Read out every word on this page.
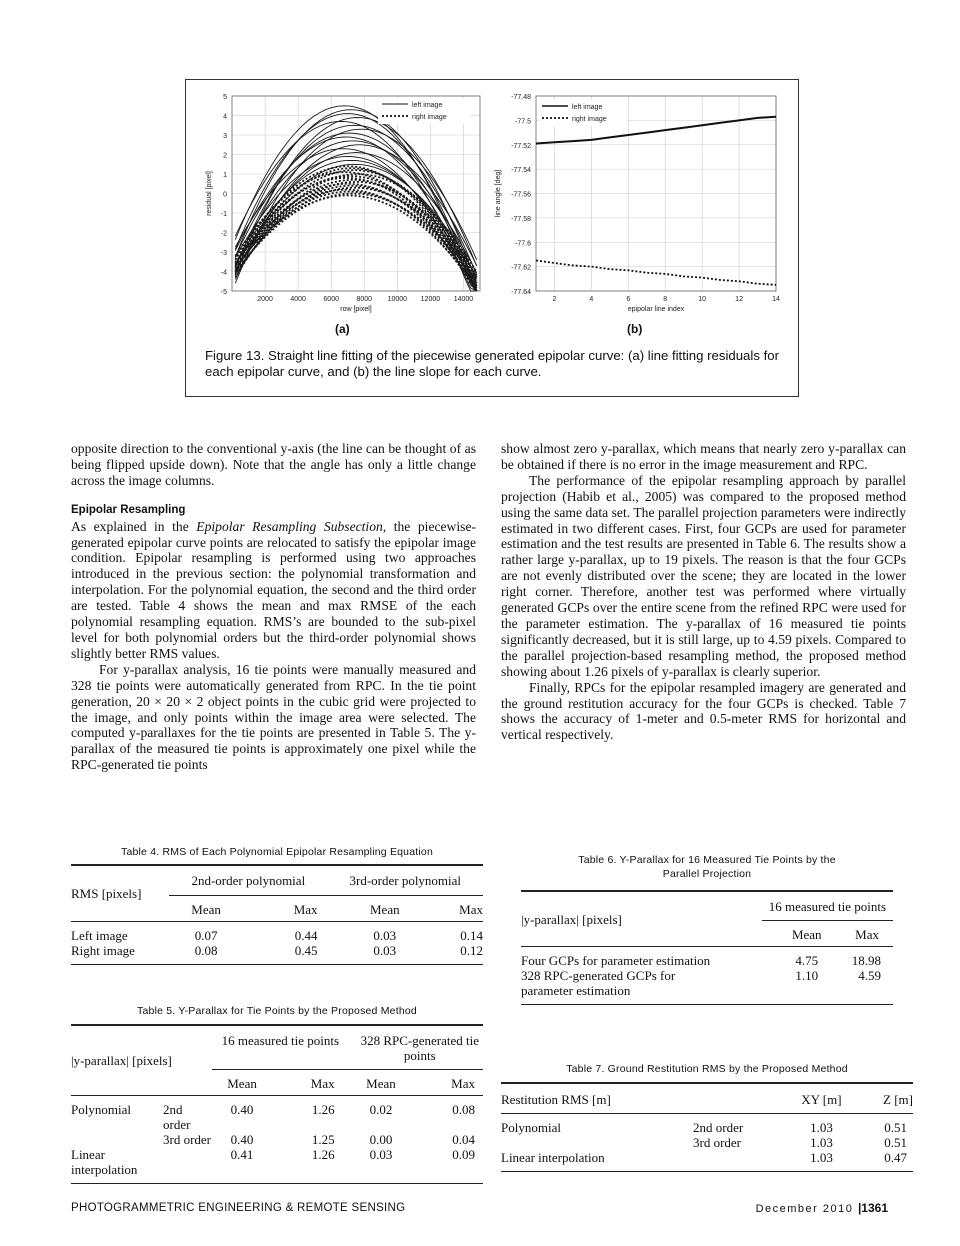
5
4
3
2
1
0
-1
-2
-3
-4
-5
2000 4000 6000 8000 10000 12000 14000
row [pixel]
residual [pixel]
left image
right image
-77.48
-77.5
-77.52
-77.54
-77.56
-77.58
-77.6
-77.62
-77.64
2	4	6	8	10	12	14
epipolar line index
line angle [deg]
left image
right image
(a)	(b)
Figure 13. Straight line fitting of the piecewise generated epipolar curve: (a) line fitting residuals for each epipolar curve, and (b) the line slope for each curve.

opposite direction to the conventional y-axis (the line can be thought of as being flipped upside down). Note that the angle has only a little change across the image columns.

Epipolar Resampling

As explained in the Epipolar Resampling Subsection, the piecewise-generated epipolar curve points are relocated to satisfy the epipolar image condition. Epipolar resampling is performed using two approaches introduced in the previous section: the polynomial transformation and interpolation. For the polynomial equation, the second and the third order are tested. Table 4 shows the mean and max RMSE of the each polynomial resampling equation. RMS’s are bounded to the sub-pixel level for both polynomial orders but the third-order polynomial shows slightly better RMS values.

For y-parallax analysis, 16 tie points were manually measured and 328 tie points were automatically generated from RPC. In the tie point generation, 20 × 20 × 2 object points in the cubic grid were projected to the image, and only points within the image area were selected. The computed y-parallaxes for the tie points are presented in Table 5. The y-parallax of the measured tie points is approximately one pixel while the RPC-generated tie points

show almost zero y-parallax, which means that nearly zero y-parallax can be obtained if there is no error in the image measurement and RPC.

The performance of the epipolar resampling approach by parallel projection (Habib et al., 2005) was compared to the proposed method using the same data set. The parallel projection parameters were indirectly estimated in two different cases. First, four GCPs are used for parameter estimation and the test results are presented in Table 6. The results show a rather large y-parallax, up to 19 pixels. The reason is that the four GCPs are not evenly distributed over the scene; they are located in the lower right corner. Therefore, another test was performed where virtually generated GCPs over the entire scene from the refined RPC were used for the parameter estimation. The y-parallax of 16 measured tie points significantly decreased, but it is still large, up to 4.59 pixels. Compared to the parallel projection-based resampling method, the proposed method showing about 1.26 pixels of y-parallax is clearly superior.

Finally, RPCs for the epipolar resampled imagery are generated and the ground restitution accuracy for the four GCPs is checked. Table 7 shows the accuracy of 1-meter and 0.5-meter RMS for horizontal and vertical respectively.

Table 4. RMS of Each Polynomial Epipolar Resampling Equation
RMS [pixels]	2nd-order polynomial		3rd-order polynomial	
	Mean	Max	Mean	Max
Left image	0.07	0.44	0.03	0.14
Right image	0.08	0.45	0.03	0.12
Table 5. Y-Parallax for Tie Points by the Proposed Method
|y-parallax| [pixels]		16 measured tie points		328 RPC-generated tie points	
		Mean	Max	Mean	Max
Polynomial	2nd order	0.40	1.26	0.02	0.08
	3rd order	0.40	1.25	0.00	0.04
Linear interpolation		0.41	1.26	0.03	0.09
Table 6. Y-Parallax for 16 Measured Tie Points by the
Parallel Projection
|y-parallax| [pixels]	16 measured tie points	
	Mean	Max
Four GCPs for parameter estimation	4.75	18.98
328 RPC-generated GCPs for parameter estimation	1.10	4.59
Table 7. Ground Restitution RMS by the Proposed Method
Restitution RMS [m]		XY [m]	Z [m]
Polynomial	2nd order	1.03	0.51
	3rd order	1.03	0.51
Linear interpolation		1.03	0.47
PHOTOGRAMMETRIC ENGINEERING & REMOTE SENSING	December 2010 |1361
